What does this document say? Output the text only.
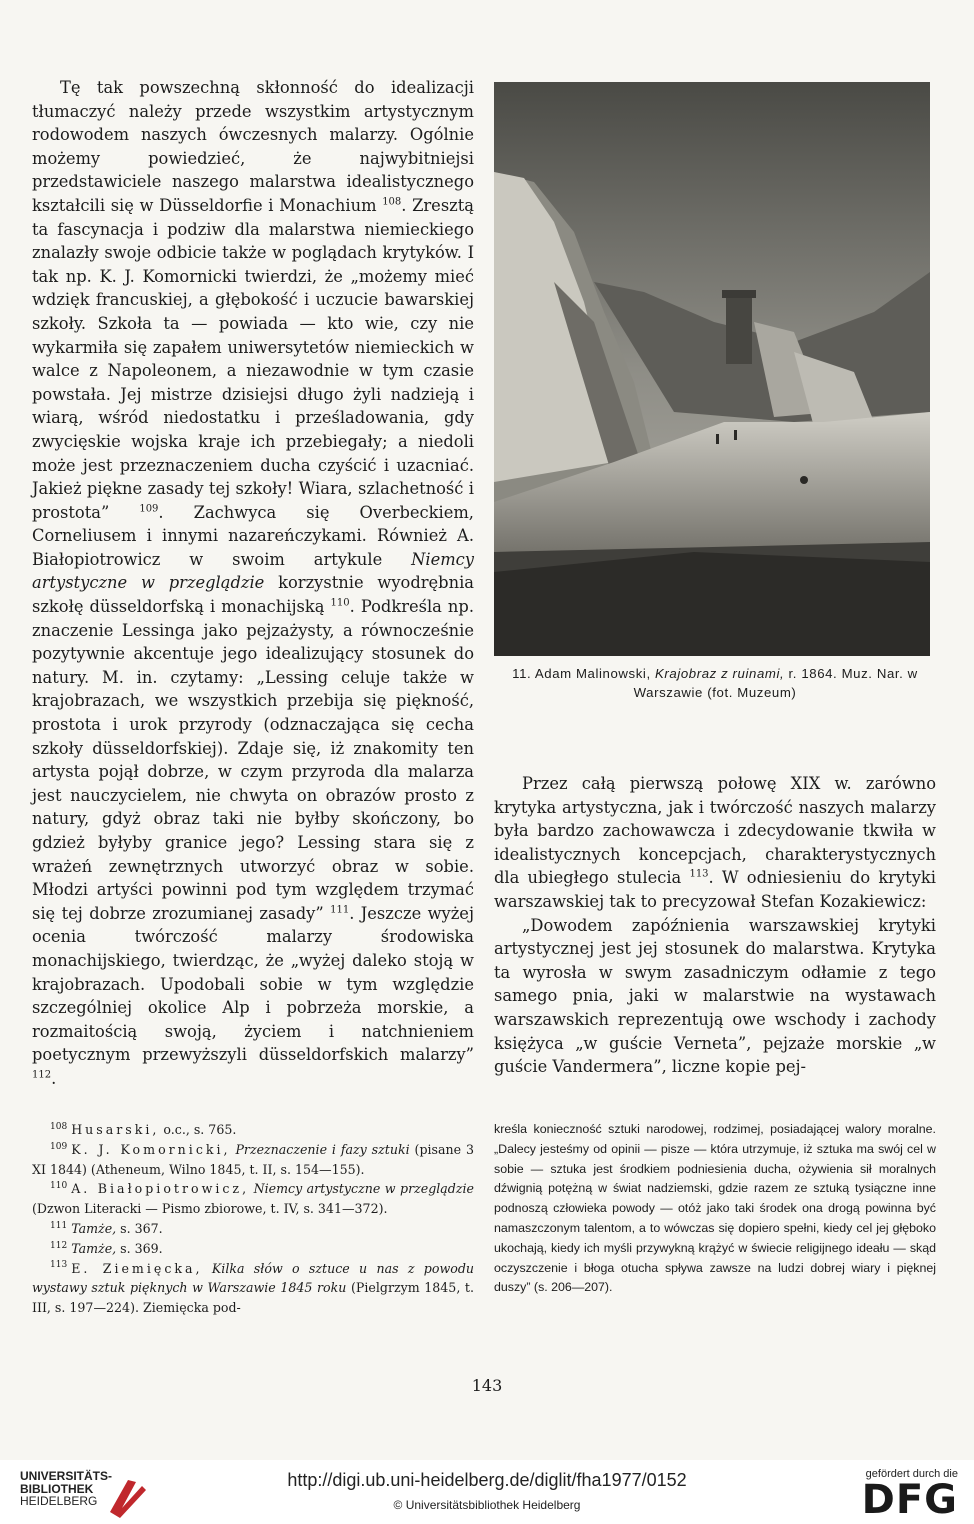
Tę tak powszechną skłonność do idealizacji tłumaczyć należy przede wszystkim artystycznym rodowodem naszych ówczesnych malarzy. Ogólnie możemy powiedzieć, że najwybitniejsi przedstawiciele naszego malarstwa idealistycznego kształcili się w Düsseldorfie i Monachium $^{108}$. Zresztą ta fascynacja i podziw dla malarstwa niemieckiego znalazły swoje odbicie także w poglądach krytyków. I tak np. K. J. Komornicki twierdzi, że „możemy mieć wdzięk francuskiej, a głębokość i uczucie bawarskiej szkoły. Szkoła ta — powiada — kto wie, czy nie wykarmiła się zapałem uniwersytetów niemieckich w walce z Napoleonem, a niezawodnie w tym czasie powstała. Jej mistrze dzisiejsi długo żyli nadzieją i wiarą, wśród niedostatku i prześladowania, gdy zwycięskie wojska kraje ich przebiegały; a niedoli może jest przeznaczeniem ducha czyścić i uzacniać. Jakież piękne zasady tej szkoły! Wiara, szlachetność i prostota”	$^{109}$. Zachwyca się Overbeckiem, Corneliusem i innymi nazareńczykami. Również A. Białopiotrowicz w swoim artykule Niemcy artystyczne w przeglądzie korzystnie wyodrębnia szkołę düsseldorfską i monachijską $^{110}$. Podkreśla np. znaczenie Lessinga jako pejzażysty, a równocześnie pozytywnie akcentuje jego idealizujący stosunek do natury. M. in. czytamy: „Lessing celuje także w krajobrazach, we wszystkich przebija się piękność, prostota i urok przyrody (odznaczająca się cecha szkoły düsseldorfskiej). Zdaje się, iż znakomity ten artysta pojął dobrze, w czym przyroda dla malarza jest nauczycielem, nie chwyta on obrazów prosto z natury, gdyż obraz taki nie byłby skończony, bo gdzież byłyby granice jego? Lessing stara się z wrażeń zewnętrznych utworzyć obraz w sobie. Młodzi artyści powinni pod tym względem trzymać się tej dobrze zrozumianej zasady” $^{111}$. Jeszcze wyżej ocenia twórczość malarzy środowiska monachijskiego, twierdząc, że „wyżej daleko stoją w krajobrazach. Upodobali sobie w tym względzie szczególniej okolice Alp i pobrzeża morskie, a rozmaitością swoją, życiem i natchnieniem poetycznym przewyższyli düsseldorfskich malarzy” $^{112}$.

11. Adam Malinowski, Krajobraz z ruinami, r. 1864. Muz. Nar. w Warszawie (fot. Muzeum)

Przez całą pierwszą połowę XIX w. zarówno krytyka artystyczna, jak i twórczość naszych malarzy była bardzo zachowawcza i zdecydowanie tkwiła w idealistycznych koncepcjach, charakterystycznych dla ubiegłego stulecia $^{113}$. W odniesieniu do krytyki warszawskiej tak to precyzował Stefan Kozakiewicz:

„Dowodem zapóźnienia warszawskiej krytyki artystycznej jest jej stosunek do malarstwa. Krytyka ta wyrosła w swym zasadniczym odłamie z tego samego pnia, jaki w malarstwie na wystawach warszawskich reprezentują owe wschody i zachody księżyca „w guście Verneta”, pejzaże morskie „w guście Vandermera”, liczne kopie pej-

$^{108}$ Husarski, o.c., s. 765.

$^{109}$ K. J. Komornicki, Przeznaczenie i fazy sztuki (pisane 3 XI 1844) (Atheneum, Wilno 1845, t. II, s. 154—155).

$^{110}$ A. Białopiotrowicz, Niemcy artystyczne w przeglądzie (Dzwon Literacki — Pismo zbiorowe, t. IV, s. 341—372).

$^{111}$ Tamże, s. 367.

$^{112}$ Tamże, s. 369.

$^{113}$ E. Ziemięcka, Kilka słów o sztuce u nas z powodu wystawy sztuk pięknych w Warszawie 1845 roku (Pielgrzym 1845, t. III, s. 197—224). Ziemięcka pod-

kreśla konieczność sztuki narodowej, rodzimej, posiadającej walory moralne. „Dalecy jesteśmy od opinii — pisze — która utrzymuje, iż sztuka ma swój cel w sobie — sztuka jest środkiem podniesienia ducha, ożywienia sił moralnych dźwignią potężną w świat nadziemski, gdzie razem ze sztuką tysiączne inne podnoszą człowieka powody — otóż jako taki środek ona drogą powinna być namaszczonym talentom, a to wówczas się dopiero spełni, kiedy cel jej głęboko ukochają, kiedy ich myśli przywykną krążyć w świecie religijnego ideału — skąd oczyszczenie i błoga otucha spływa zawsze na ludzi dobrej wiary i pięknej duszy” (s. 206—207).

143
UNIVERSITÄTS-
BIBLIOTHEK
HEIDELBERG
http://digi.ub.uni-heidelberg.de/diglit/fha1977/0152
© Universitätsbibliothek Heidelberg
gefördert durch die
DFG
